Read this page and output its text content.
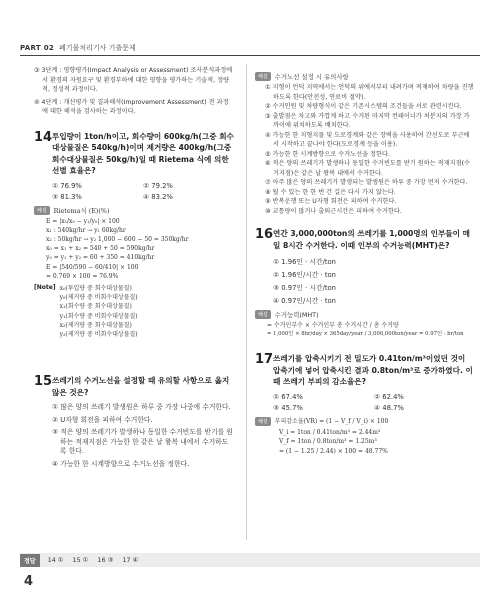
PART 02 폐기물처리기사 기출문제
③ 3단계 : 영향평가(Impact Analysis or Assessment) 조사분석과정에서 환경의 자원요구 및 환경부하에 대한 영향을 평가하는 기술적, 정량적, 정성적 과정이다.
④ 4단계 : 개선평가 및 결과해석(Improvement Assessment) 전 과정에 대한 해석을 검사하는 과정이다.
14 투입량이 1ton/h이고, 회수량이 600kg/h(그중 회수대상물질은 540kg/h)이며 제거량은 400kg/h(그중 회수대상물질은 50kg/h)일 때 Rietema 식에 의한 선별 효율은?
① 76.9%	② 79.2%
③ 81.3%	④ 83.2%
해설	Rietema식 (E)(%)
E = |x₁/x₀ − y₁/y₀| × 100
x₁ : 540kg/hr → y₁ 60kg/hr
x₂ : 50kg/hr → y₂ 1,000 − 600 − 50 = 350kg/hr
x₀ = x₁ + x₂ = 540 + 50 = 590kg/hr
y₀ = y₁ + y₂ = 60 + 350 = 410kg/hr
E = |540/590 − 60/410| × 100
= 0.769 × 100 = 76.9%
[Note] x₀(투입량 중 회수대상물질)
y₀(제거량 중 비회수대상물질)
x₁(회수량 중 회수대상물질)
y₁(회수량 중 비회수대상물질)
x₂(제거량 중 회수대상물질)
y₂(제거량 중 비회수대상물질)
15 쓰레기의 수거노선을 설정할 때 유의할 사항으로 옳지 않은 것은?
① 많은 양의 쓰레기 발생원은 하루 중 가장 나중에 수거한다.
② U자형 회전을 피하여 수거한다.
③ 적은 양의 쓰레기가 발생하나 동일한 수거빈도를 받기를 원하는 적재지점은 가능한 한 같은 날 왕복 내에서 수거하도록 한다.
④ 가능한 한 시계방향으로 수거노선을 정한다.
해설	수거노선 설정 시 유의사항
① 지형이 언덕 지역에서는 언덕의 위에서부터 내려가며 적재하여 차량을 진행하도록 한다(안전성, 연료비 절약).
② 수거인원 및 차량형식이 같은 기존시스템의 조건들을 서로 관련시킨다.
③ 출발점은 차고와 가깝게 하고 수거된 마지막 컨테이너가 처분지의 가장 가까이에 위치하도록 배치한다.
④ 가능한 한 지형지물 및 도로경계와 같은 장벽을 사용하여 간선도로 부근에서 시작하고 끝나야 한다(도로경계 등을 이용).
⑤ 가능한 한 시계방향으로 수거노선을 정한다.
⑥ 적은 양의 쓰레기가 발생하나 동일한 수거빈도를 받기 원하는 적재지점(수거지점)은 같은 날 왕복 내에서 수거한다.
⑦ 아주 많은 양의 쓰레기가 발생되는 발생원은 하루 중 가장 먼저 수거한다.
⑧ 될 수 있는 한 한 번 간 길은 다시 가지 않는다.
⑨ 반복운행 또는 U자형 회전은 피하여 수거한다.
⑩ 교통량이 많거나 출퇴근시간은 피하여 수거한다.
16 연간 3,000,000ton의 쓰레기를 1,000명의 인부들이 매일 8시간 수거한다. 이때 인부의 수거능력(MHT)은?
① 1.96인 · 시간/ton
② 1.96인/시간 · ton
③ 0.97인 · 시간/ton
④ 0.97인/시간 · ton
해설	수거능력(MHT)
= 수거인부수 × 수거인부 총 수거시간 / 총 수거량
= 1,000인 × 8hr/day × 365day/year / 3,000,000ton/year = 0.97인 · hr/ton
17 쓰레기를 압축시키기 전 밀도가 0.41ton/m³이었던 것이 압축기에 넣어 압축시킨 결과 0.8ton/m³로 증가하였다. 이때 쓰레기 부피의 감소율은?
① 67.4%	② 62.4%
③ 45.7%	④ 48.7%
해설	부피감소율(VR) = (1 − V_f / V_i) × 100
V_i = 1ton / 0.41ton/m³ = 2.44m³
V_f = 1ton / 0.8ton/m³ = 1.25m³
= (1 − 1.25 / 2.44) × 100 = 48.77%
정답	14 ① 15 ① 16 ③ 17 ④
4
